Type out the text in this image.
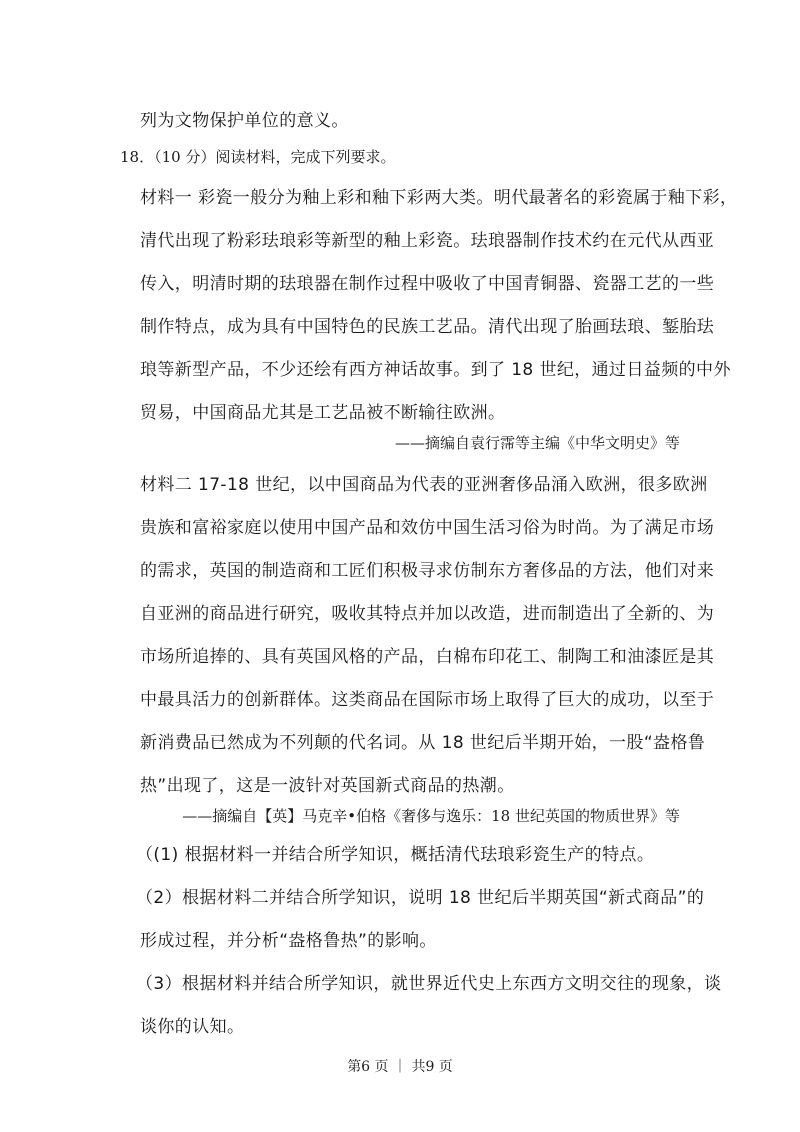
列为文物保护单位的意义。
18．（10 分）阅读材料，完成下列要求。
材料一 彩瓷一般分为釉上彩和釉下彩两大类。明代最著名的彩瓷属于釉下彩，
清代出现了粉彩珐琅彩等新型的釉上彩瓷。珐琅器制作技术约在元代从西亚
传入，明清时期的珐琅器在制作过程中吸收了中国青铜器、瓷器工艺的一些
制作特点，成为具有中国特色的民族工艺品。清代出现了胎画珐琅、錾胎珐
琅等新型产品，不少还绘有西方神话故事。到了 18 世纪，通过日益频的中外
贸易，中国商品尤其是工艺品被不断输往欧洲。
——摘编自袁行霈等主编《中华文明史》等
材料二 17-18 世纪，以中国商品为代表的亚洲奢侈品涌入欧洲，很多欧洲
贵族和富裕家庭以使用中国产品和效仿中国生活习俗为时尚。为了满足市场
的需求，英国的制造商和工匠们积极寻求仿制东方奢侈品的方法，他们对来
自亚洲的商品进行研究，吸收其特点并加以改造，进而制造出了全新的、为
市场所追捧的、具有英国风格的产品，白棉布印花工、制陶工和油漆匠是其
中最具活力的创新群体。这类商品在国际市场上取得了巨大的成功，以至于
新消费品已然成为不列颠的代名词。从 18 世纪后半期开始，一股“盎格鲁
热”出现了，这是一波针对英国新式商品的热潮。
——摘编自【英】马克辛•伯格《奢侈与逸乐：18 世纪英国的物质世界》等
（(1) 根据材料一并结合所学知识，概括清代珐琅彩瓷生产的特点。
（2）根据材料二并结合所学知识，说明 18 世纪后半期英国“新式商品”的
形成过程，并分析“盎格鲁热”的影响。
（3）根据材料并结合所学知识，就世界近代史上东西方文明交往的现象，谈
谈你的认知。
第6 页 ｜ 共9 页
